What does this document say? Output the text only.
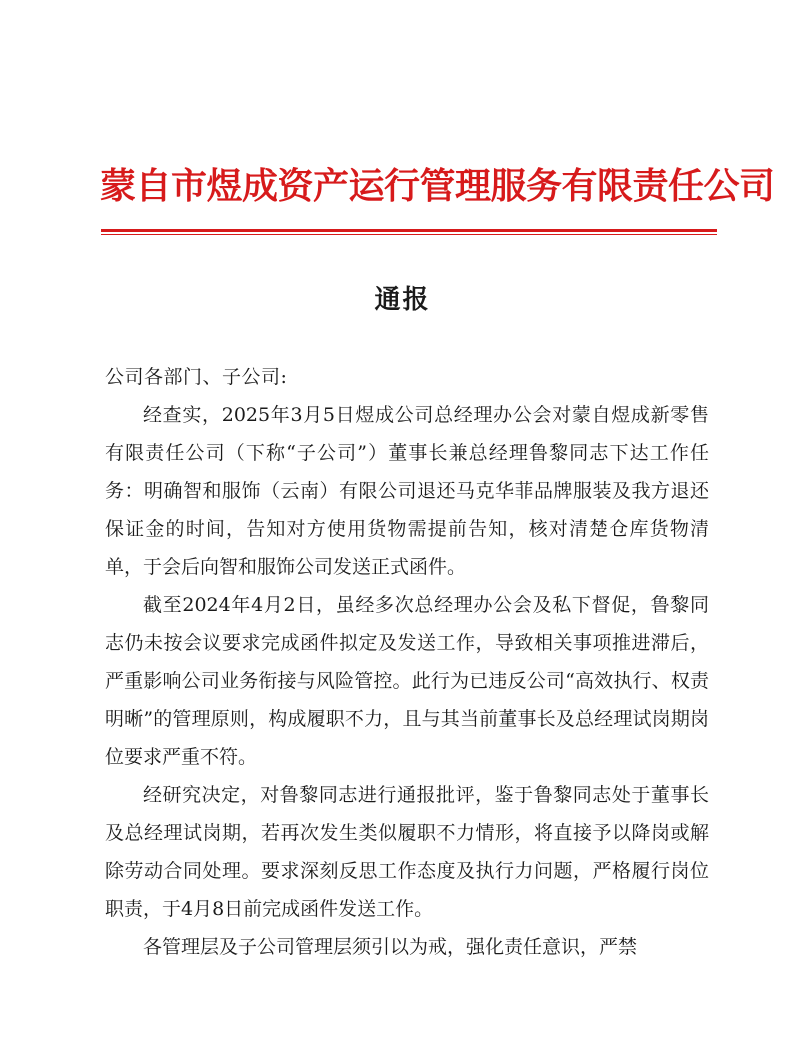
蒙自市煜成资产运行管理服务有限责任公司
通报

公司各部门、子公司:

经查实，2025年3月5日煜成公司总经理办公会对蒙自煜成新零售有限责任公司（下称“子公司”）董事长兼总经理鲁黎同志下达工作任务：明确智和服饰（云南）有限公司退还马克华菲品牌服装及我方退还保证金的时间，告知对方使用货物需提前告知，核对清楚仓库货物清单，于会后向智和服饰公司发送正式函件。

截至2024年4月2日，虽经多次总经理办公会及私下督促，鲁黎同志仍未按会议要求完成函件拟定及发送工作，导致相关事项推进滞后，严重影响公司业务衔接与风险管控。此行为已违反公司“高效执行、权责明晰”的管理原则，构成履职不力，且与其当前董事长及总经理试岗期岗位要求严重不符。

经研究决定，对鲁黎同志进行通报批评，鉴于鲁黎同志处于董事长及总经理试岗期，若再次发生类似履职不力情形，将直接予以降岗或解除劳动合同处理。要求深刻反思工作态度及执行力问题，严格履行岗位职责，于4月8日前完成函件发送工作。

各管理层及子公司管理层须引以为戒，强化责任意识，严禁
